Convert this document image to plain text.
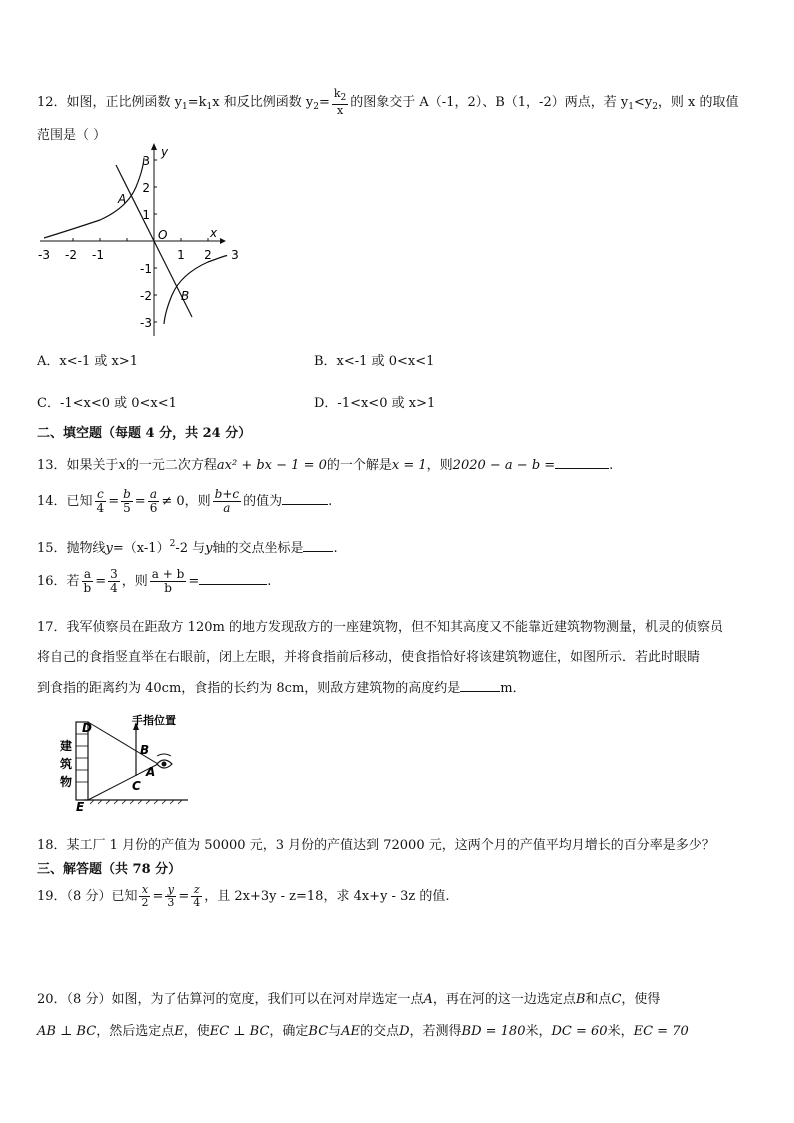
12．如图，正比例函数 $y_1=k_1x$ 和反比例函数 $y_2= \frac{k_2}{x}$ 的图象交于 A（-1，2）、B（1，-2）两点，若 $y_1<y_2$，则 x 的取值
范围是（ ）
y
x
O
A
B
-3 -2 -1	1 2 3
3
2
1
-1
-2
-3
A．x<-1 或 x>1	B．x<-1 或 0<x<1
C．-1<x<0 或 0<x<1	D．-1<x<0 或 x>1
二、填空题（每题 4 分，共 24 分）
13．如果关于x的一元二次方程ax² + bx − 1 = 0的一个解是x = 1，则2020 − a − b =	.
14．已知 $\frac{c}{4} = \frac{b}{5} = \frac{a}{6} \ne 0$，则 $\frac{b+c}{a}$ 的值为	.
15．抛物线$y=(x-1)^2-2$ 与y轴的交点坐标是 .
16．若 $\frac{a}{b} = \frac{3}{4}$ ，则 $\frac{a + b}{b}$ =	.
17．我军侦察员在距敌方 120m 的地方发现敌方的一座建筑物，但不知其高度又不能靠近建筑物物测量，机灵的侦察员
将自己的食指竖直举在右眼前，闭上左眼，并将食指前后移动，使食指恰好将该建筑物遮住，如图所示．若此时眼睛
到食指的距离约为 40cm，食指的长约为 8cm，则敌方建筑物的高度约是	m．
D
E
B
C
A
手指位置
建
筑
物
18．某工厂 1 月份的产值为 50000 元，3 月份的产值达到 72000 元，这两个月的产值平均月增长的百分率是多少？
三、解答题（共 78 分）
19．（8 分）已知 $\frac{x}{2} = \frac{y}{3} = \frac{z}{4}$ ，且 2x+3y - z=18，求 4x+y - 3z 的值.
20．（8 分）如图，为了估算河的宽度，我们可以在河对岸选定一点A，再在河的这一边选定点B和点C，使得
AB ⊥ BC，然后选定点E，使EC ⊥ BC，确定BC与AE的交点D，若测得BD = 180米，DC = 60米，EC = 70
